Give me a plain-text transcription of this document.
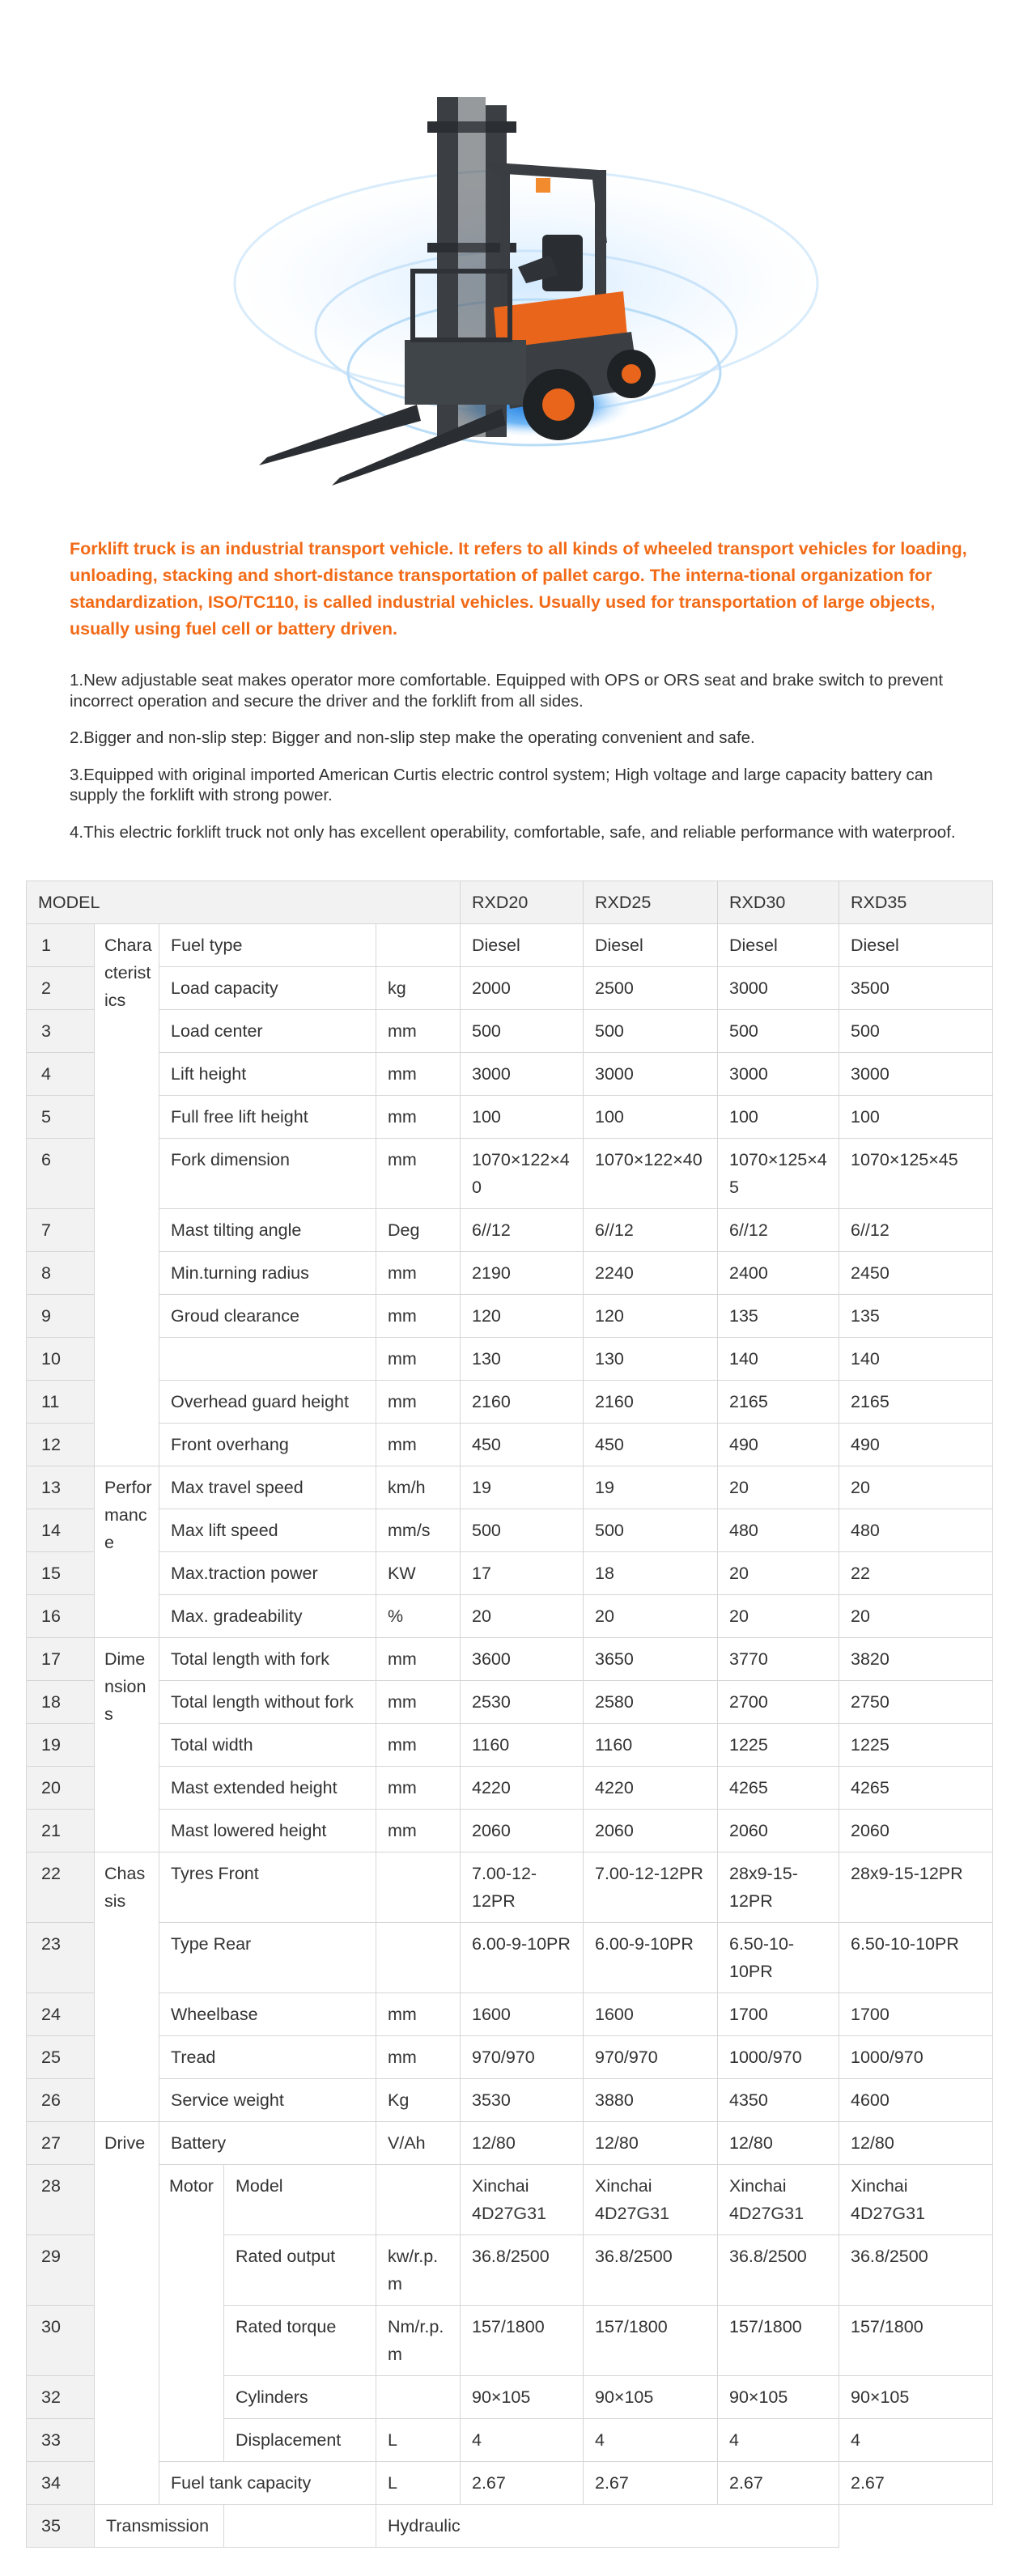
Forklift truck is an industrial transport vehicle. It refers to all kinds of wheeled transport vehicles for loading, unloading, stacking and short-distance transportation of pallet cargo. The interna-tional organization for standardization, ISO/TC110, is called industrial vehicles. Usually used for transportation of large objects, usually using fuel cell or battery driven.

1.New adjustable seat makes operator more comfortable. Equipped with OPS or ORS seat and brake switch to prevent incorrect operation and secure the driver and the forklift from all sides.

2.Bigger and non-slip step: Bigger and non-slip step make the operating convenient and safe.

3.Equipped with original imported American Curtis electric control system; High voltage and large capacity battery can supply the forklift with strong power.

4.This electric forklift truck not only has excellent operability, comfortable, safe, and reliable performance with waterproof.

MODEL					RXD20	RXD25	RXD30	RXD35
1	Characteristics	Fuel type			Diesel	Diesel	Diesel	Diesel
2		Load capacity		kg	2000	2500	3000	3500
3		Load center		mm	500	500	500	500
4		Lift height		mm	3000	3000	3000	3000
5		Full free lift height		mm	100	100	100	100
6		Fork dimension		mm	1070×122×40	1070×122×40	1070×125×45	1070×125×45
7		Mast tilting angle		Deg	6//12	6//12	6//12	6//12
8		Min.turning radius		mm	2190	2240	2400	2450
9		Groud clearance		mm	120	120	135	135
10				mm	130	130	140	140
11		Overhead guard height		mm	2160	2160	2165	2165
12		Front overhang		mm	450	450	490	490
13	Performance	Max travel speed		km/h	19	19	20	20
14		Max lift speed		mm/s	500	500	480	480
15		Max.traction power		KW	17	18	20	22
16		Max. gradeability		%	20	20	20	20
17	Dimensions	Total length with fork		mm	3600	3650	3770	3820
18		Total length without fork		mm	2530	2580	2700	2750
19		Total width		mm	1160	1160	1225	1225
20		Mast extended height		mm	4220	4220	4265	4265
21		Mast lowered height		mm	2060	2060	2060	2060
22	Chassis	Tyres Front			7.00-12-12PR	7.00-12-12PR	28x9-15-12PR	28x9-15-12PR
23		Type Rear			6.00-9-10PR	6.00-9-10PR	6.50-10-10PR	6.50-10-10PR
24		Wheelbase		mm	1600	1600	1700	1700
25		Tread		mm	970/970	970/970	1000/970	1000/970
26		Service weight		Kg	3530	3880	4350	4600
27	Drive	Battery		V/Ah	12/80	12/80	12/80	12/80
28		Motor	Model		Xinchai 4D27G31	Xinchai 4D27G31	Xinchai 4D27G31	Xinchai 4D27G31
29			Rated output	kw/r.p.m	36.8/2500	36.8/2500	36.8/2500	36.8/2500
30			Rated torque	Nm/r.p.m	157/1800	157/1800	157/1800	157/1800
32			Cylinders		90×105	90×105	90×105	90×105
33			Displacement	L	4	4	4	4
34		Fuel tank capacity		L	2.67	2.67	2.67	2.67
35	Transmission			Hydraulic				
